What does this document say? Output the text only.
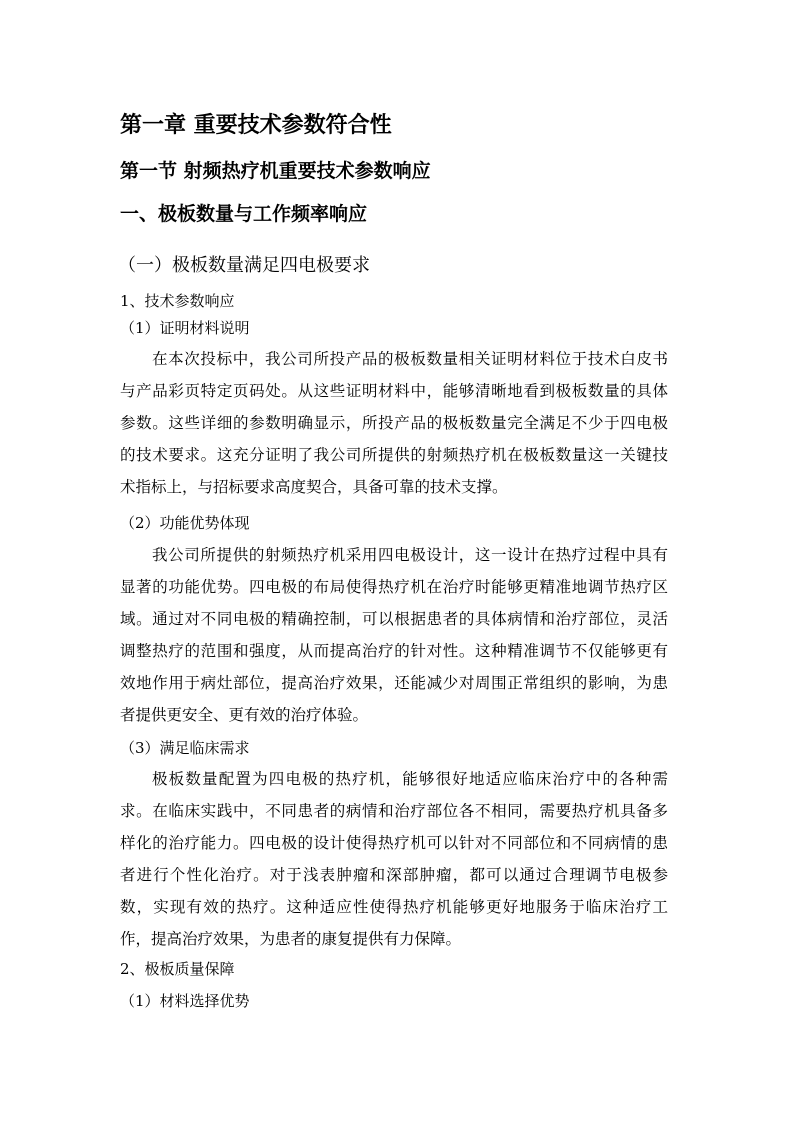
第一章 重要技术参数符合性
第一节 射频热疗机重要技术参数响应
一、极板数量与工作频率响应
（一）极板数量满足四电极要求
1、技术参数响应
（1）证明材料说明
在本次投标中，我公司所投产品的极板数量相关证明材料位于技术白皮书
与产品彩页特定页码处。从这些证明材料中，能够清晰地看到极板数量的具体
参数。这些详细的参数明确显示，所投产品的极板数量完全满足不少于四电极
的技术要求。这充分证明了我公司所提供的射频热疗机在极板数量这一关键技
术指标上，与招标要求高度契合，具备可靠的技术支撑。
（2）功能优势体现
我公司所提供的射频热疗机采用四电极设计，这一设计在热疗过程中具有
显著的功能优势。四电极的布局使得热疗机在治疗时能够更精准地调节热疗区
域。通过对不同电极的精确控制，可以根据患者的具体病情和治疗部位，灵活
调整热疗的范围和强度，从而提高治疗的针对性。这种精准调节不仅能够更有
效地作用于病灶部位，提高治疗效果，还能减少对周围正常组织的影响，为患
者提供更安全、更有效的治疗体验。
（3）满足临床需求
极板数量配置为四电极的热疗机，能够很好地适应临床治疗中的各种需
求。在临床实践中，不同患者的病情和治疗部位各不相同，需要热疗机具备多
样化的治疗能力。四电极的设计使得热疗机可以针对不同部位和不同病情的患
者进行个性化治疗。对于浅表肿瘤和深部肿瘤，都可以通过合理调节电极参
数，实现有效的热疗。这种适应性使得热疗机能够更好地服务于临床治疗工
作，提高治疗效果，为患者的康复提供有力保障。
2、极板质量保障
（1）材料选择优势
